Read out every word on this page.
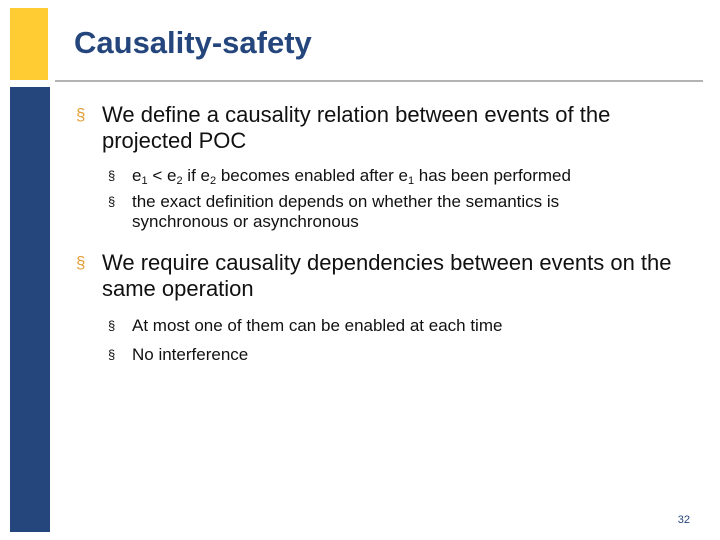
Causality-safety
§ We define a causality relation between events of the projected POC
§ $e_1 < e_2$ if $e_2$ becomes enabled after $e_1$ has been performed
§ the exact definition depends on whether the semantics is synchronous or asynchronous
§ We require causality dependencies between events on the same operation
§ At most one of them can be enabled at each time
§ No interference
32
